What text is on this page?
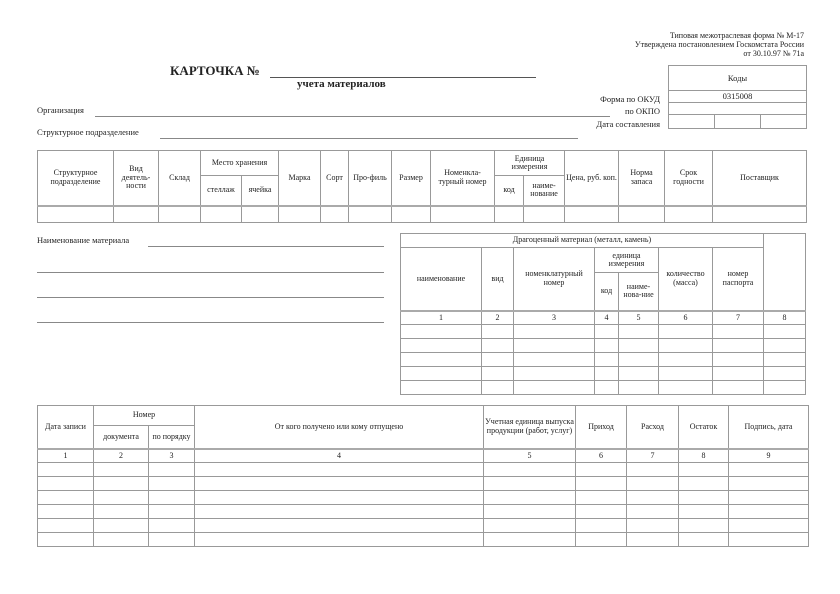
Типовая межотраслевая форма № М-17
Утверждена постановлением Госкомстата России
от 30.10.97 № 71а
КАРТОЧКА №
учета материалов
Организация
Структурное подразделение
Форма по ОКУД
по ОКПО
Дата составления
Коды
0315008

Структурное подразделение	Вид деятель-ности	Склад	Место хранения		Марка	Сорт	Про-филь	Размер	Номенкла-турный номер	Единица измерения		Цена, руб. коп.	Норма запаса	Срок годности	Поставщик
			стеллаж	ячейка						код	наиме-нование				

Наименование материала	Драгоценный материал (металл, камень)							
наименование	вид	номенклатурный номер	единица измерения		количество (масса)	номер паспорта	
			код	наиме-нова-ние			
1	2	3	4	5	6	7	8

Дата записи	Номер		От кого получено или кому отпущено	Учетная единица выпуска продукции (работ, услуг)	Приход	Расход	Остаток	Подпись, дата
	документа	по порядку						
1	2	3	4	5	6	7	8	9
